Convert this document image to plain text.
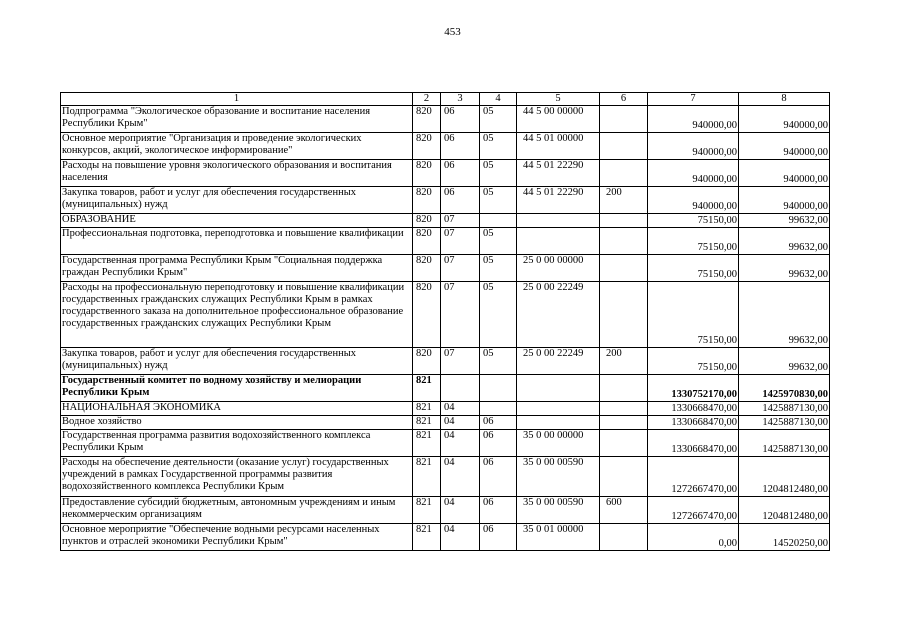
453
1	2	3	4	5	6	7	8
Подпрограмма "Экологическое образование и воспитание населения Республики Крым"	820	06	05	44 5 00 00000		940000,00	940000,00
Основное мероприятие "Организация и проведение экологических конкурсов, акций, экологическое информирование"	820	06	05	44 5 01 00000		940000,00	940000,00
Расходы на повышение уровня экологического образования и воспитания населения	820	06	05	44 5 01 22290		940000,00	940000,00
Закупка товаров, работ и услуг для обеспечения государственных (муниципальных) нужд	820	06	05	44 5 01 22290	200	940000,00	940000,00
ОБРАЗОВАНИЕ	820	07				75150,00	99632,00
Профессиональная подготовка, переподготовка и повышение квалификации	820	07	05			75150,00	99632,00
Государственная программа Республики Крым "Социальная поддержка граждан Республики Крым"	820	07	05	25 0 00 00000		75150,00	99632,00
Расходы на профессиональную переподготовку и повышение квалификации государственных гражданских служащих Республики Крым в рамках государственного заказа на дополнительное профессиональное образование государственных гражданских служащих Республики Крым	820	07	05	25 0 00 22249		75150,00	99632,00
Закупка товаров, работ и услуг для обеспечения государственных (муниципальных) нужд	820	07	05	25 0 00 22249	200	75150,00	99632,00
Государственный комитет по водному хозяйству и мелиорации Республики Крым	821					1330752170,00	1425970830,00
НАЦИОНАЛЬНАЯ ЭКОНОМИКА	821	04				1330668470,00	1425887130,00
Водное хозяйство	821	04	06			1330668470,00	1425887130,00
Государственная программа развития водохозяйственного комплекса Республики Крым	821	04	06	35 0 00 00000		1330668470,00	1425887130,00
Расходы на обеспечение деятельности (оказание услуг) государственных учреждений в рамках Государственной программы развития водохозяйственного комплекса Республики Крым	821	04	06	35 0 00 00590		1272667470,00	1204812480,00
Предоставление субсидий бюджетным, автономным учреждениям и иным некоммерческим организациям	821	04	06	35 0 00 00590	600	1272667470,00	1204812480,00
Основное мероприятие "Обеспечение водными ресурсами населенных пунктов и отраслей экономики Республики Крым"	821	04	06	35 0 01 00000		0,00	14520250,00
